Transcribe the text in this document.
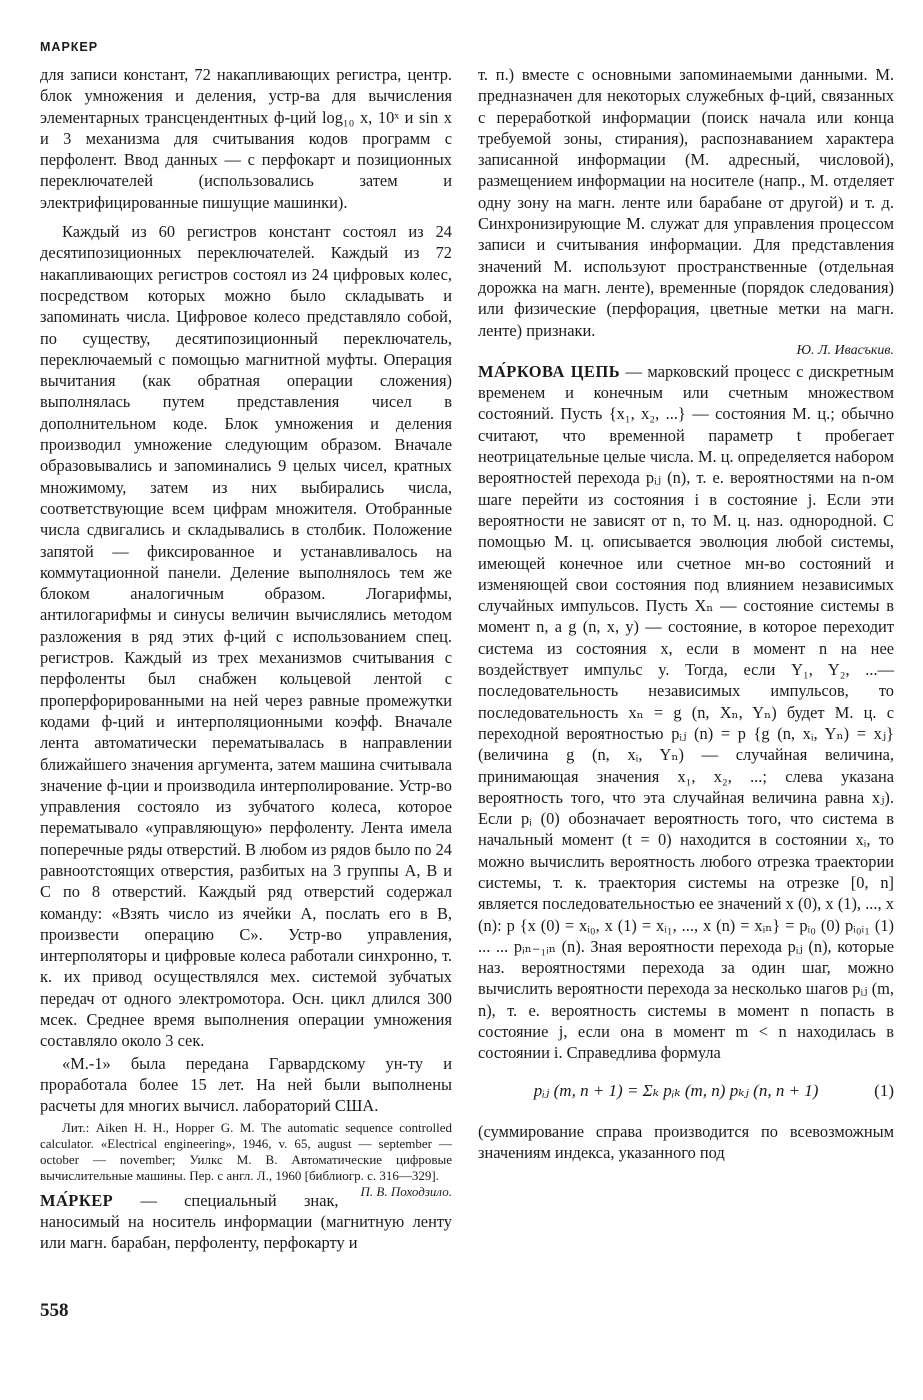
МАРКЕР

для записи констант, 72 накапливающих регистра, центр. блок умножения и деления, устр-ва для вычисления элементарных трансцендентных ф-ций log₁₀ x, 10ˣ и sin x и 3 механизма для считывания кодов программ с перфолент. Ввод данных — с перфокарт и позиционных переключателей (использовались затем и электрифицированные пишущие машинки).

Каждый из 60 регистров констант состоял из 24 десятипозиционных переключателей. Каждый из 72 накапливающих регистров состоял из 24 цифровых колес, посредством которых можно было складывать и запоминать числа. Цифровое колесо представляло собой, по существу, десятипозиционный переключатель, переключаемый с помощью магнитной муфты. Операция вычитания (как обратная операции сложения) выполнялась путем представления чисел в дополнительном коде. Блок умножения и деления производил умножение следующим образом. Вначале образовывались и запоминались 9 целых чисел, кратных множимому, затем из них выбирались числа, соответствующие всем цифрам множителя. Отобранные числа сдвигались и складывались в столбик. Положение запятой — фиксированное и устанавливалось на коммутационной панели. Деление выполнялось тем же блоком аналогичным образом. Логарифмы, антилогарифмы и синусы величин вычислялись методом разложения в ряд этих ф-ций с использованием спец. регистров. Каждый из трех механизмов считывания с перфоленты был снабжен кольцевой лентой с проперфорированными на ней через равные промежутки кодами ф-ций и интерполяционными коэфф. Вначале лента автоматически перематывалась в направлении ближайшего значения аргумента, затем машина считывала значение ф-ции и производила интерполирование. Устр-во управления состояло из зубчатого колеса, которое перематывало «управляющую» перфоленту. Лента имела поперечные ряды отверстий. В любом из рядов было по 24 равноотстоящих отверстия, разбитых на 3 группы А, В и С по 8 отверстий. Каждый ряд отверстий содержал команду: «Взять число из ячейки А, послать его в В, произвести операцию С». Устр-во управления, интерполяторы и цифровые колеса работали синхронно, т. к. их привод осуществлялся мех. системой зубчатых передач от одного электромотора. Осн. цикл длился 300 мсек. Среднее время выполнения операции умножения составляло около 3 сек.

«М.-1» была передана Гарвардскому ун-ту и проработала более 15 лет. На ней были выполнены расчеты для многих вычисл. лабораторий США.

Лит.: Aiken H. H., Hopper G. M. The automatic sequence controlled calculator. «Electrical engineering», 1946, v. 65, august — september — october — november; Уилкс М. В. Автоматические цифровые вычислительные машины. Пер. с англ. Л., 1960 [библиогр. с. 316—329].
П. В. Походзило.

МА́РКЕР — специальный знак, наносимый на носитель информации (магнитную ленту или магн. барабан, перфоленту, перфокарту и

т. п.) вместе с основными запоминаемыми данными. М. предназначен для некоторых служебных ф-ций, связанных с переработкой информации (поиск начала или конца требуемой зоны, стирания), распознаванием характера записанной информации (М. адресный, числовой), размещением информации на носителе (напр., М. отделяет одну зону на магн. ленте или барабане от другой) и т. д. Синхронизирующие М. служат для управления процессом записи и считывания информации. Для представления значений М. используют пространственные (отдельная дорожка на магн. ленте), временные (порядок следования) или физические (перфорация, цветные метки на магн. ленте) признаки.

Ю. Л. Ивасъкив.

МА́РКОВА ЦЕПЬ — марковский процесс с дискретным временем и конечным или счетным множеством состояний. Пусть {x₁, x₂, ...} — состояния М. ц.; обычно считают, что временной параметр t пробегает неотрицательные целые числа. М. ц. определяется набором вероятностей перехода pᵢⱼ (n), т. е. вероятностями на n-ом шаге перейти из состояния i в состояние j. Если эти вероятности не зависят от n, то М. ц. наз. однородной. С помощью М. ц. описывается эволюция любой системы, имеющей конечное или счетное мн-во состояний и изменяющей свои состояния под влиянием независимых случайных импульсов. Пусть Xₙ — состояние системы в момент n, а g (n, x, y) — состояние, в которое переходит система из состояния x, если в момент n на нее воздействует импульс y. Тогда, если Y₁, Y₂, ...— последовательность независимых импульсов, то последовательность xₙ = g (n, Xₙ, Yₙ) будет М. ц. с переходной вероятностью pᵢⱼ (n) = p {g (n, xᵢ, Yₙ) = xⱼ} (величина g (n, xᵢ, Yₙ) — случайная величина, принимающая значения x₁, x₂, ...; слева указана вероятность того, что эта случайная величина равна xⱼ). Если pᵢ (0) обозначает вероятность того, что система в начальный момент (t = 0) находится в состоянии xᵢ, то можно вычислить вероятность любого отрезка траектории системы, т. к. траектория системы на отрезке [0, n] является последовательностью ее значений x (0), x (1), ..., x (n): p {x (0) = xᵢ₀, x (1) = xᵢ₁, ..., x (n) = xᵢₙ} = pᵢ₀ (0) pᵢ₀ᵢ₁ (1) ... ... pᵢₙ₋₁ᵢₙ (n). Зная вероятности перехода pᵢⱼ (n), которые наз. вероятностями перехода за один шаг, можно вычислить вероятности перехода за несколько шагов pᵢⱼ (m, n), т. е. вероятность системы в момент n попасть в состояние j, если она в момент m < n находилась в состоянии i. Справедлива формула

pᵢⱼ (m, n + 1) = Σₖ pᵢₖ (m, n) pₖⱼ (n, n + 1)	(1)

(суммирование справа производится по всевозможным значениям индекса, указанного под

558
